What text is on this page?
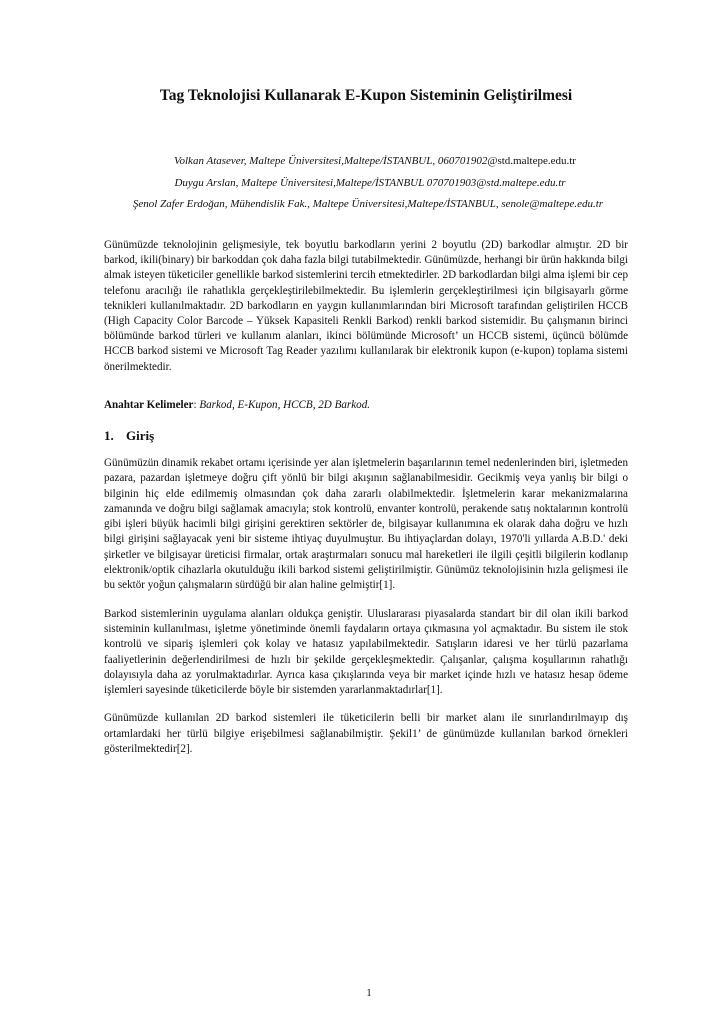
Tag Teknolojisi Kullanarak E-Kupon Sisteminin Geliştirilmesi
Volkan Atasever, Maltepe Üniversitesi,Maltepe/İSTANBUL, 060701902@std.maltepe.edu.tr
Duygu Arslan, Maltepe Üniversitesi,Maltepe/İSTANBUL 070701903@std.maltepe.edu.tr
Şenol Zafer Erdoğan, Mühendislik Fak., Maltepe Üniversitesi,Maltepe/İSTANBUL, senole@maltepe.edu.tr
Günümüzde teknolojinin gelişmesiyle, tek boyutlu barkodların yerini 2 boyutlu (2D) barkodlar almıştır. 2D bir barkod, ikili(binary) bir barkoddan çok daha fazla bilgi tutabilmektedir. Günümüzde, herhangi bir ürün hakkında bilgi almak isteyen tüketiciler genellikle barkod sistemlerini tercih etmektedirler. 2D barkodlardan bilgi alma işlemi bir cep telefonu aracılığı ile rahatlıkla gerçekleştirilebilmektedir. Bu işlemlerin gerçekleştirilmesi için bilgisayarlı görme teknikleri kullanılmaktadır. 2D barkodların en yaygın kullanımlarından biri Microsoft tarafından geliştirilen HCCB (High Capacity Color Barcode – Yüksek Kapasiteli Renkli Barkod) renkli barkod sistemidir. Bu çalışmanın birinci bölümünde barkod türleri ve kullanım alanları, ikinci bölümünde Microsoft’ un HCCB sistemi, üçüncü bölümde HCCB barkod sistemi ve Microsoft Tag Reader yazılımı kullanılarak bir elektronik kupon (e-kupon) toplama sistemi önerilmektedir.
Anahtar Kelimeler: Barkod, E-Kupon, HCCB, 2D Barkod.
1. Giriş

Günümüzün dinamik rekabet ortamı içerisinde yer alan işletmelerin başarılarının temel nedenlerinden biri, işletmeden pazara, pazardan işletmeye doğru çift yönlü bir bilgi akışının sağlanabilmesidir. Gecikmiş veya yanlış bir bilgi o bilginin hiç elde edilmemiş olmasından çok daha zararlı olabilmektedir. İşletmelerin karar mekanizmalarına zamanında ve doğru bilgi sağlamak amacıyla; stok kontrolü, envanter kontrolü, perakende satış noktalarının kontrolü gibi işleri büyük hacimli bilgi girişini gerektiren sektörler de, bilgisayar kullanımına ek olarak daha doğru ve hızlı bilgi girişini sağlayacak yeni bir sisteme ihtiyaç duyulmuştur. Bu ihtiyaçlardan dolayı, 1970'li yıllarda A.B.D.' deki şirketler ve bilgisayar üreticisi firmalar, ortak araştırmaları sonucu mal hareketleri ile ilgili çeşitli bilgilerin kodlanıp elektronik/optik cihazlarla okutulduğu ikili barkod sistemi geliştirilmiştir. Günümüz teknolojisinin hızla gelişmesi ile bu sektör yoğun çalışmaların sürdüğü bir alan haline gelmiştir[1].

Barkod sistemlerinin uygulama alanları oldukça geniştir. Uluslararası piyasalarda standart bir dil olan ikili barkod sisteminin kullanılması, işletme yönetiminde önemli faydaların ortaya çıkmasına yol açmaktadır. Bu sistem ile stok kontrolü ve sipariş işlemleri çok kolay ve hatasız yapılabilmektedir. Satışların idaresi ve her türlü pazarlama faaliyetlerinin değerlendirilmesi de hızlı bir şekilde gerçekleşmektedir. Çalışanlar, çalışma koşullarının rahatlığı dolayısıyla daha az yorulmaktadırlar. Ayrıca kasa çıkışlarında veya bir market içinde hızlı ve hatasız hesap ödeme işlemleri sayesinde tüketicilerde böyle bir sistemden yararlanmaktadırlar[1].

Günümüzde kullanılan 2D barkod sistemleri ile tüketicilerin belli bir market alanı ile sınırlandırılmayıp dış ortamlardaki her türlü bilgiye erişebilmesi sağlanabilmiştir. Şekil1’ de günümüzde kullanılan barkod örnekleri gösterilmektedir[2].

1
